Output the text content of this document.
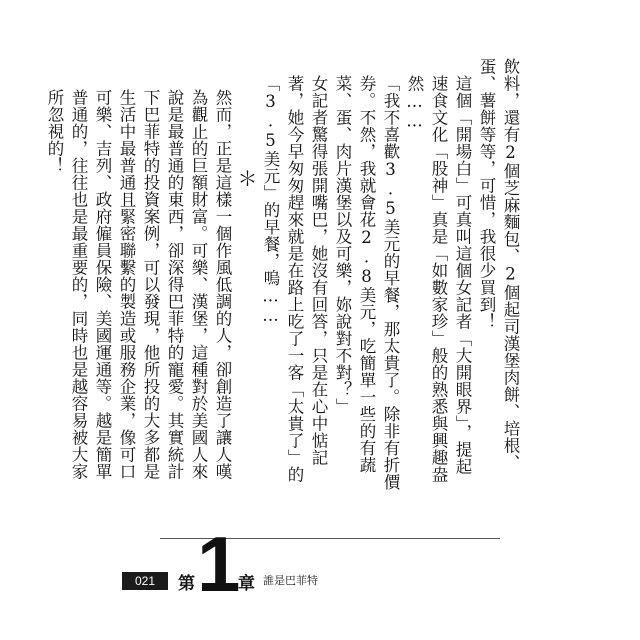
飲料，還有2個芝麻麵包、2個起司漢堡肉餅、培根、蛋、薯餅等等，可惜，我很少買到！

這個「開場白」可真叫這個女記者「大開眼界」，提起速食文化「股神」真是「如數家珍」般的熟悉與興趣盎然……

「我不喜歡3.5美元的早餐，那太貴了。除非有折價券。不然，我就會花2.8美元，吃簡單一些的有蔬菜、蛋、肉片漢堡以及可樂，妳說對不對？」

女記者驚得張開嘴巴，她沒有回答，只是在心中惦記著，她今早匆匆趕來就是在路上吃了一客「太貴了」的「3.5美元」的早餐，嗚……

＊

然而，正是這樣一個作風低調的人，卻創造了讓人嘆為觀止的巨額財富。可樂、漢堡，這種對於美國人來說是最普通的東西，卻深得巴菲特的寵愛。其實統計下巴菲特的投資案例，可以發現，他所投的大多都是生活中最普通且緊密聯繫的製造或服務企業，像可口可樂、吉列、政府僱員保險、美國運通等。越是簡單普通的，往往也是最重要的，同時也是越容易被大家所忽視的！

021	第 1
章 誰是巴菲特
